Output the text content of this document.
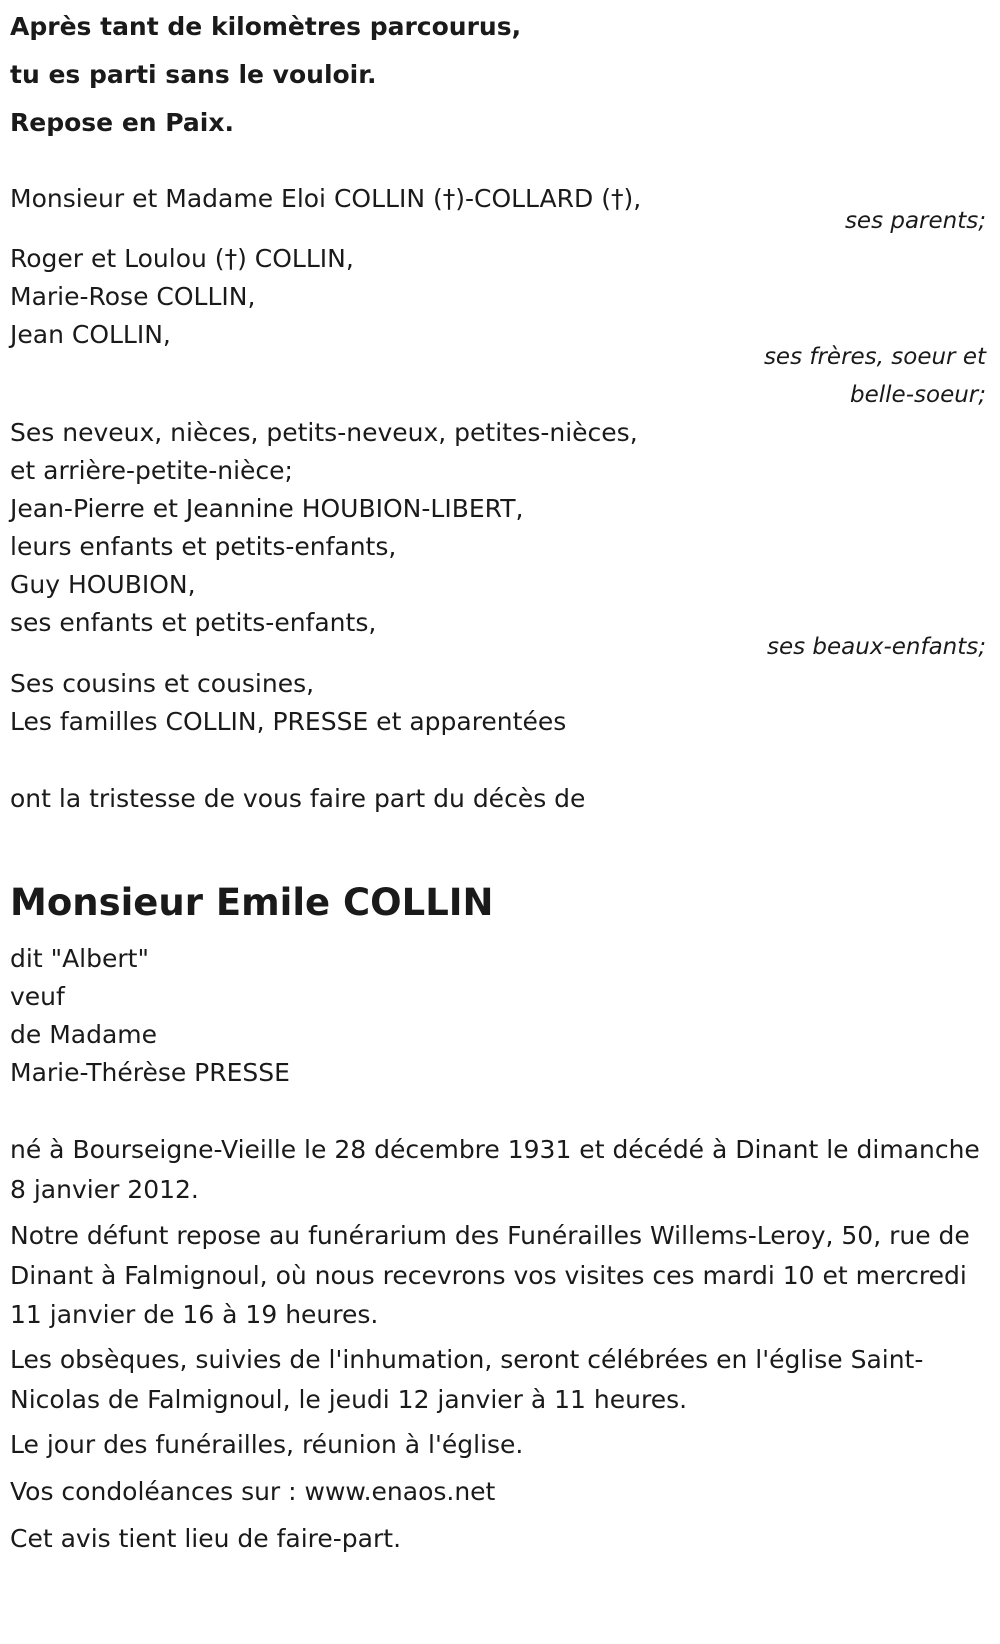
Après tant de kilomètres parcourus,
tu es parti sans le vouloir.
Repose en Paix.
Monsieur et Madame Eloi COLLIN (†)-COLLARD (†),
ses parents;
Roger et Loulou (†) COLLIN,
Marie-Rose COLLIN,
Jean COLLIN,
ses frères, soeur et
belle-soeur;
Ses neveux, nièces, petits-neveux, petites-nièces,
et arrière-petite-nièce;
Jean-Pierre et Jeannine HOUBION-LIBERT,
leurs enfants et petits-enfants,
Guy HOUBION,
ses enfants et petits-enfants,
ses beaux-enfants;
Ses cousins et cousines,
Les familles COLLIN, PRESSE et apparentées
ont la tristesse de vous faire part du décès de
Monsieur Emile COLLIN
dit "Albert"
veuf
de Madame
Marie-Thérèse PRESSE
né à Bourseigne-Vieille le 28 décembre 1931 et décédé à Dinant le dimanche 8 janvier 2012.
Notre défunt repose au funérarium des Funérailles Willems-Leroy, 50, rue de Dinant à Falmignoul, où nous recevrons vos visites ces mardi 10 et mercredi 11 janvier de 16 à 19 heures.
Les obsèques, suivies de l'inhumation, seront célébrées en l'église Saint-Nicolas de Falmignoul, le jeudi 12 janvier à 11 heures.
Le jour des funérailles, réunion à l'église.
Vos condoléances sur : www.enaos.net
Cet avis tient lieu de faire-part.
